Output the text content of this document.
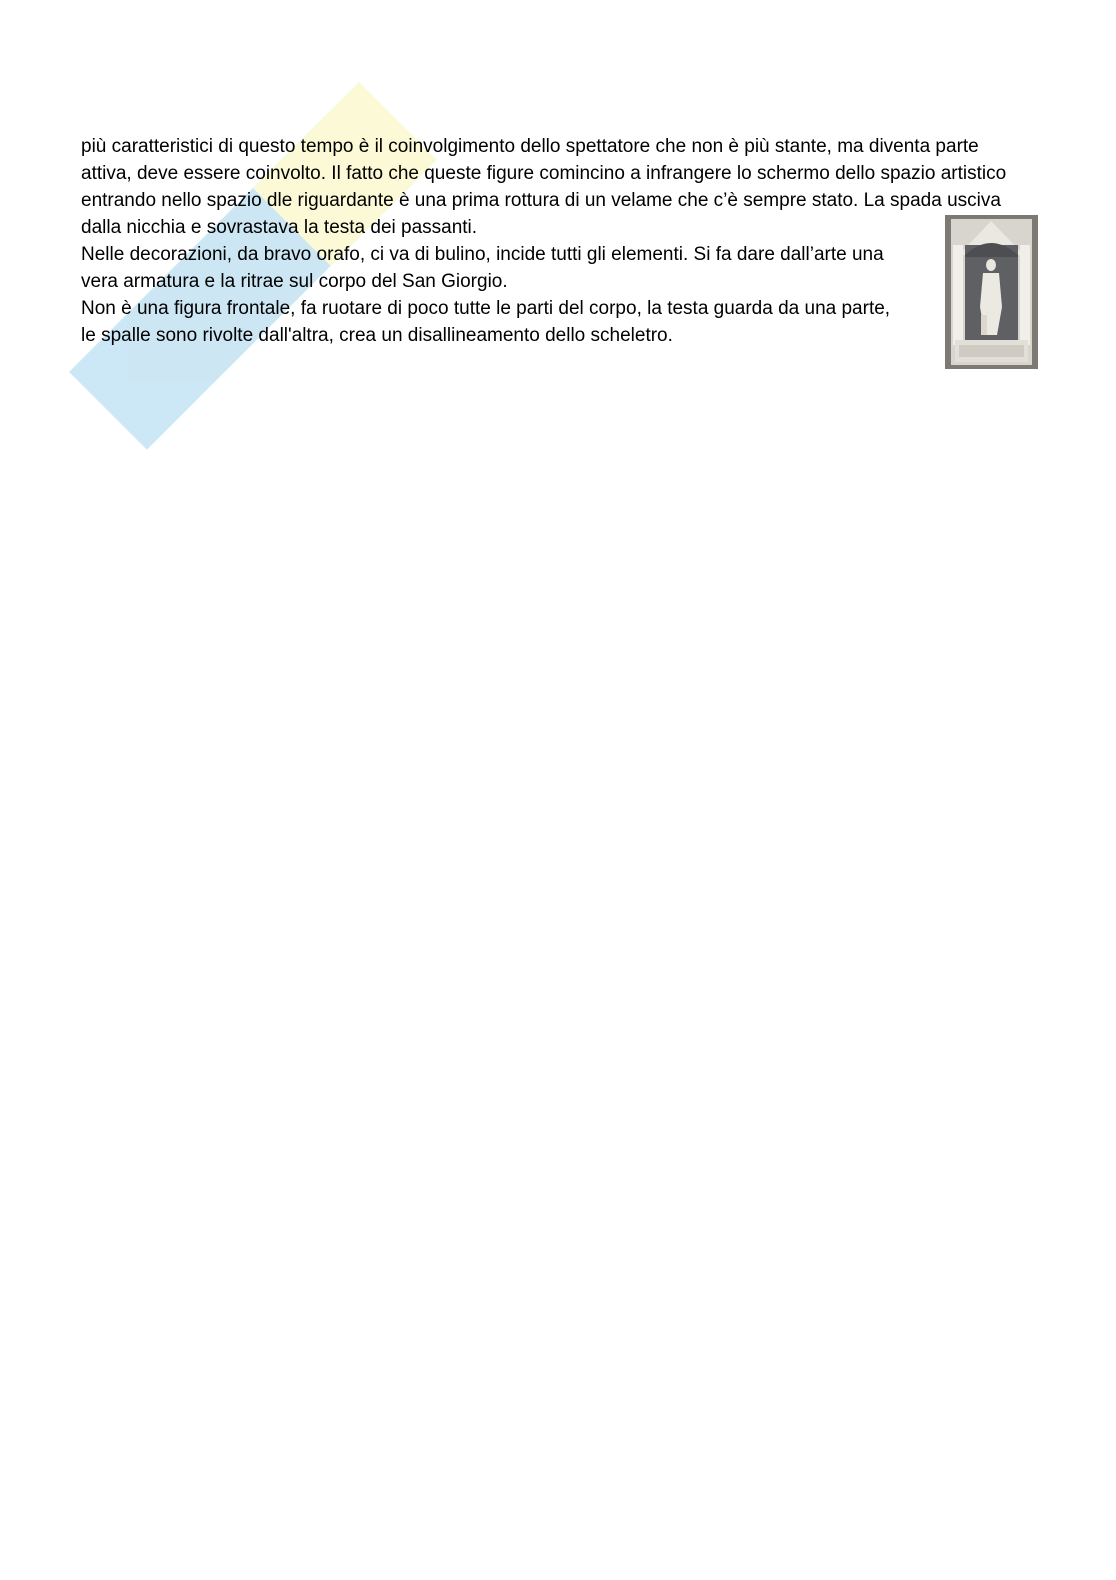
più caratteristici di questo tempo è il coinvolgimento dello spettatore che non è più stante, ma diventa parte attiva, deve essere coinvolto. Il fatto che queste figure comincino a infrangere lo schermo dello spazio artistico entrando nello spazio dle riguardante è una prima rottura di un velame che c’è sempre stato. La spada usciva dalla nicchia e sovrastava la testa dei passanti.

Nelle decorazioni, da bravo orafo, ci va di bulino, incide tutti gli elementi. Si fa dare dall’arte una vera armatura e la ritrae sul corpo del San Giorgio.

Non è una figura frontale, fa ruotare di poco tutte le parti del corpo, la testa guarda da una parte, le spalle sono rivolte dall'altra, crea un disallineamento dello scheletro.
